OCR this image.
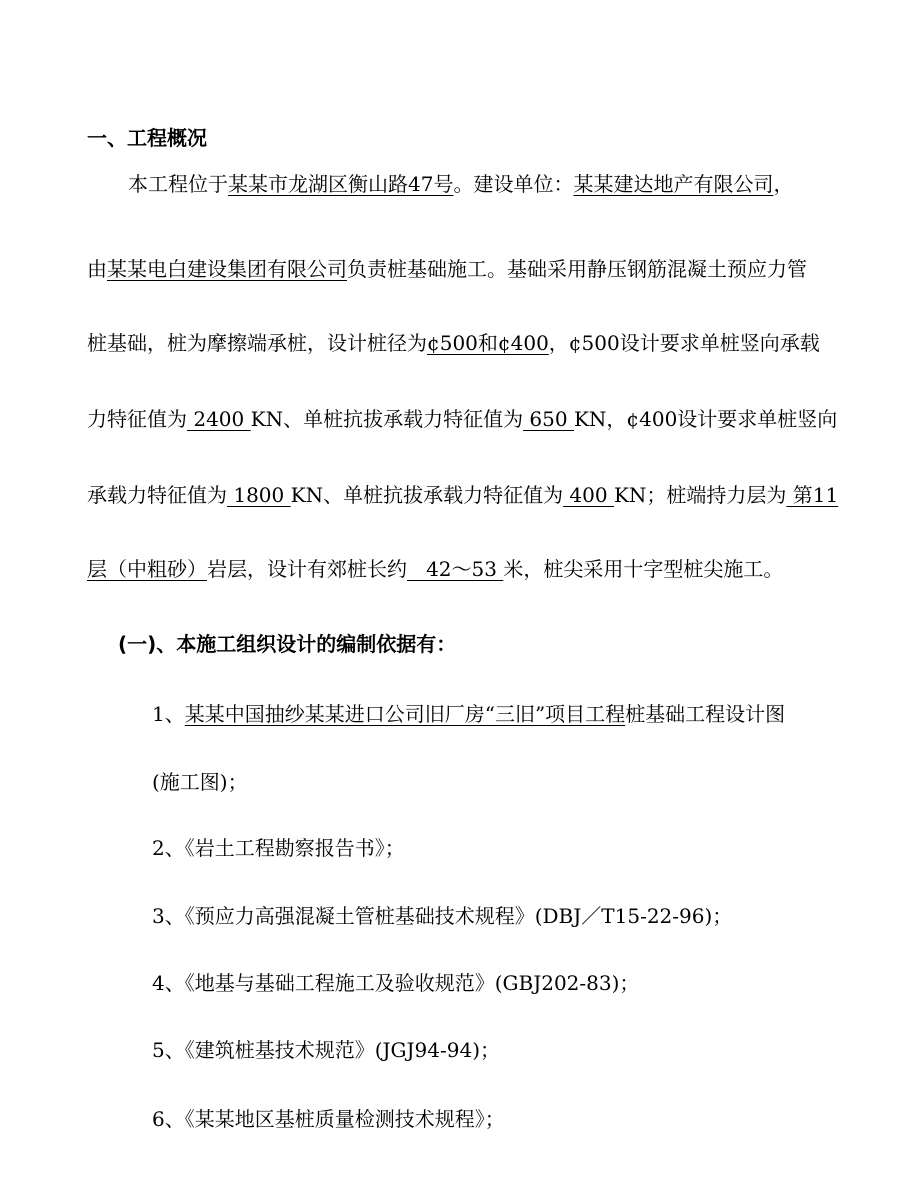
一、工程概况
本工程位于某某市龙湖区衡山路47号。建设单位：某某建达地产有限公司，
由某某电白建设集团有限公司负责桩基础施工。基础采用静压钢筋混凝土预应力管
桩基础，桩为摩擦端承桩，设计桩径为¢500和¢400，¢500设计要求单桩竖向承载
力特征值为 2400 KN、单桩抗拔承载力特征值为 650 KN，¢400设计要求单桩竖向
承载力特征值为 1800 KN、单桩抗拔承载力特征值为 400 KN；桩端持力层为 第11
层（中粗砂）岩层，设计有郊桩长约   42～53 米，桩尖采用十字型桩尖施工。
(一)、本施工组织设计的编制依据有：
1、某某中国抽纱某某进口公司旧厂房“三旧”项目工程桩基础工程设计图
(施工图)；
2、《岩土工程勘察报告书》；
3、《预应力高强混凝土管桩基础技术规程》(DBJ／T15-22-96)；
4、《地基与基础工程施工及验收规范》(GBJ202-83)；
5、《建筑桩基技术规范》(JGJ94-94)；
6、《某某地区基桩质量检测技术规程》；
